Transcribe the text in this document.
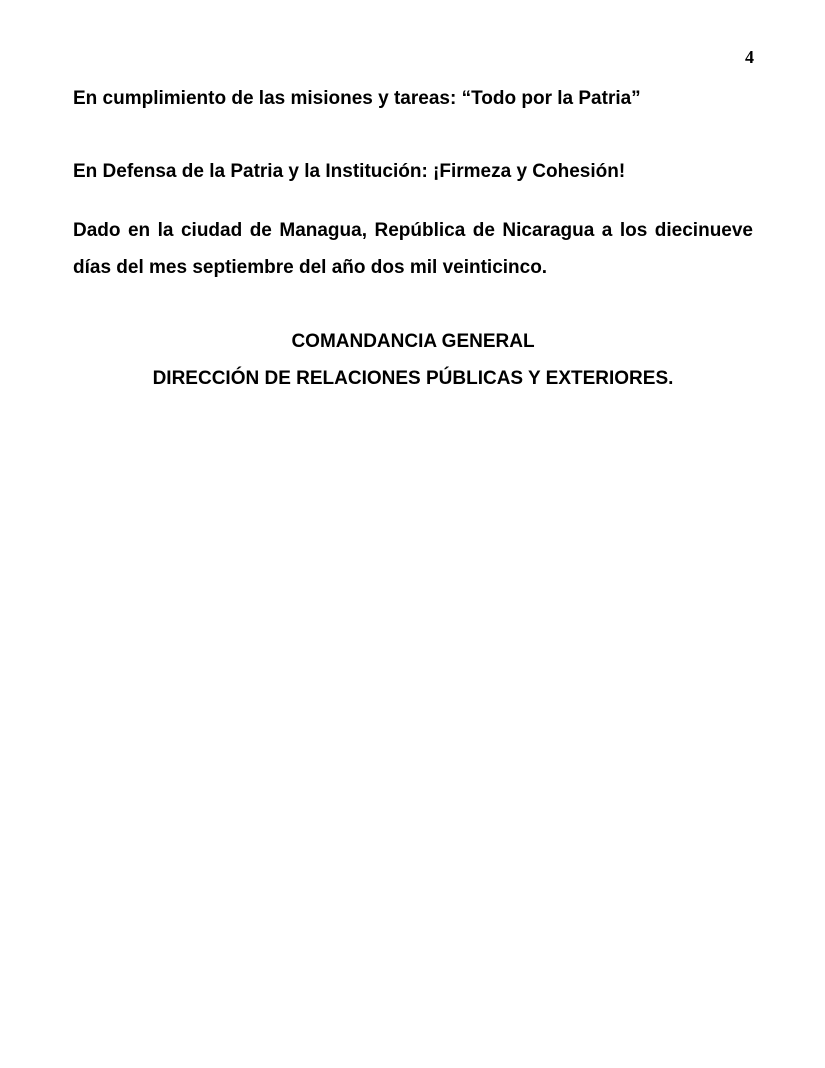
4

En cumplimiento de las misiones y tareas: “Todo por la Patria”

En Defensa de la Patria y la Institución: ¡Firmeza y Cohesión!

Dado en la ciudad de Managua, República de Nicaragua a los diecinueve días del mes septiembre del año dos mil veinticinco.

COMANDANCIA GENERAL
DIRECCIÓN DE RELACIONES PÚBLICAS Y EXTERIORES.
